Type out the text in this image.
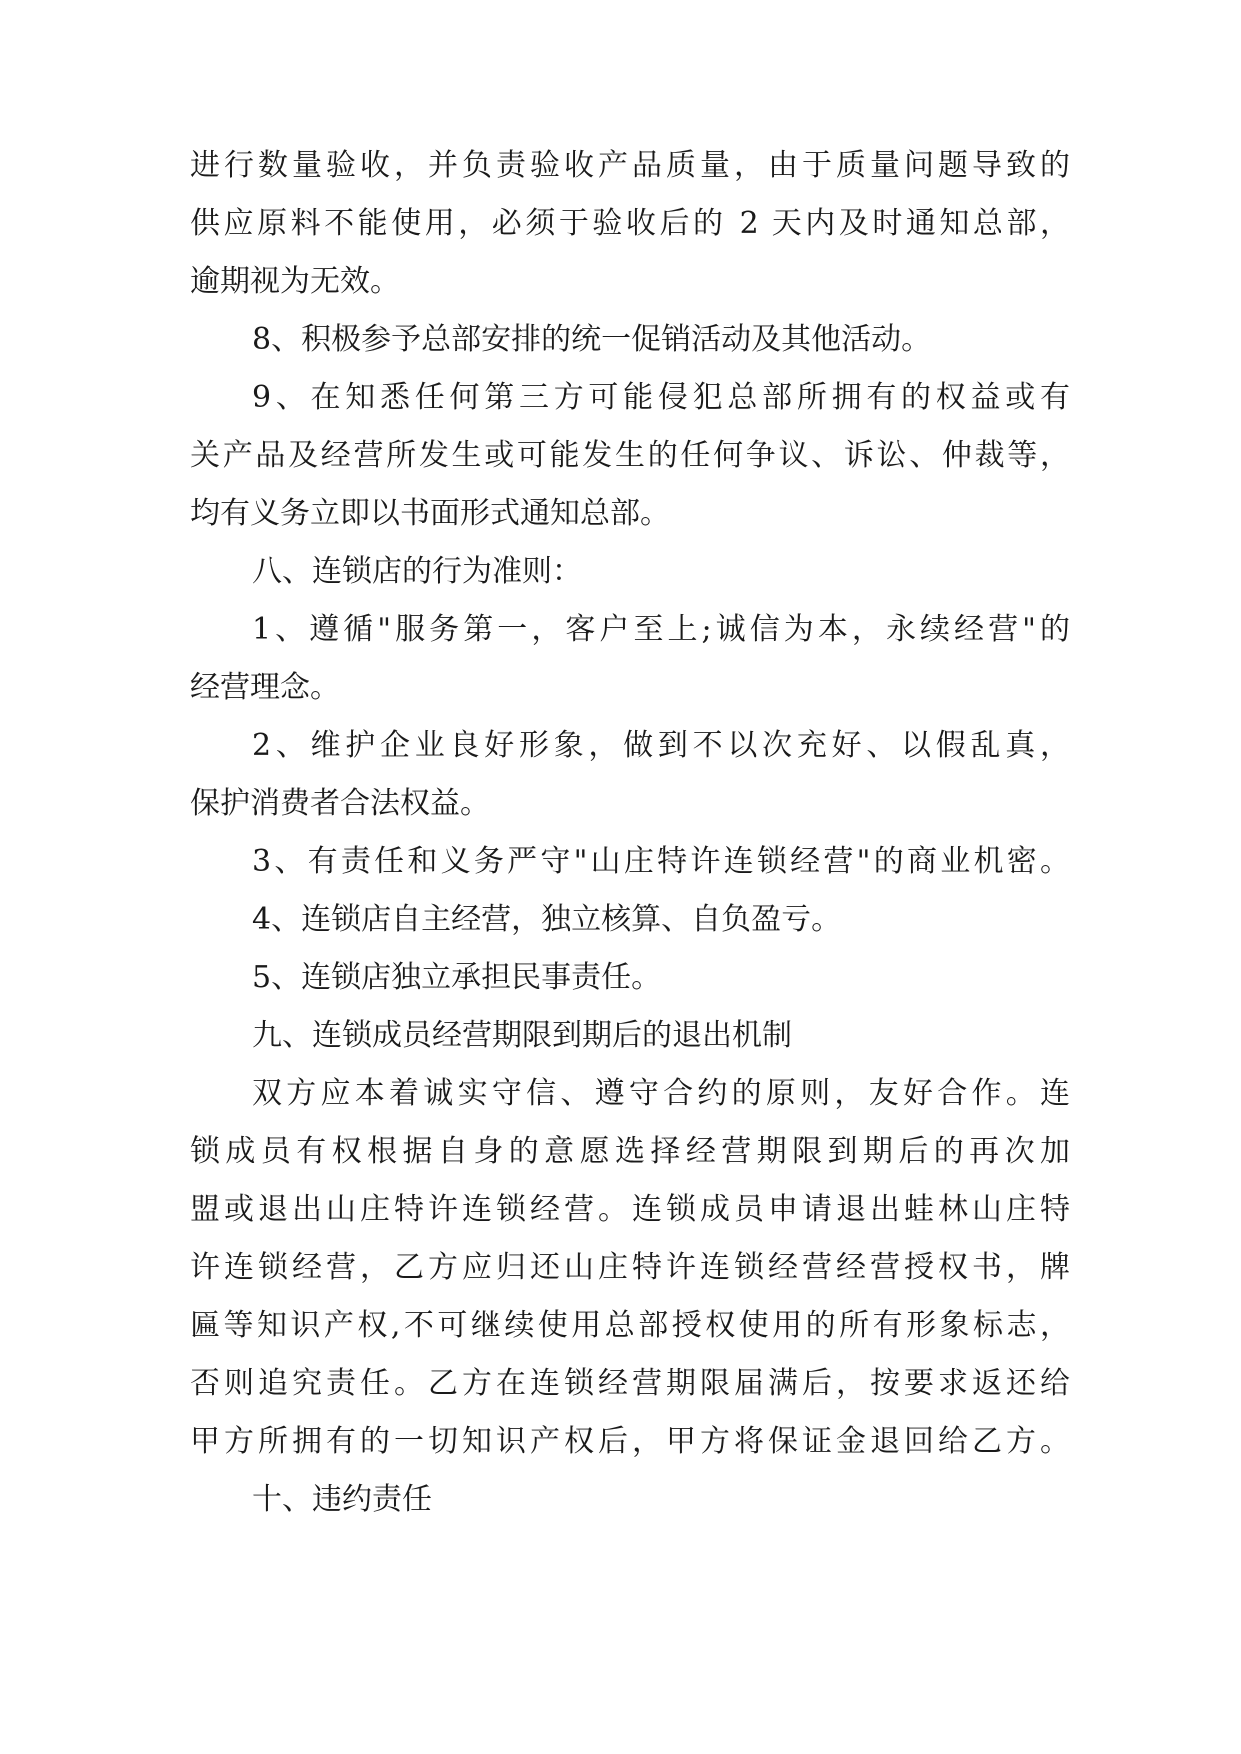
进行数量验收，并负责验收产品质量，由于质量问题导致的
供应原料不能使用，必须于验收后的 2 天内及时通知总部，
逾期视为无效。
8、积极参予总部安排的统一促销活动及其他活动。
9、在知悉任何第三方可能侵犯总部所拥有的权益或有
关产品及经营所发生或可能发生的任何争议、诉讼、仲裁等，
均有义务立即以书面形式通知总部。
八、连锁店的行为准则：
1、遵循"服务第一，客户至上;诚信为本，永续经营"的
经营理念。
2、维护企业良好形象，做到不以次充好、以假乱真，
保护消费者合法权益。
3、有责任和义务严守"山庄特许连锁经营"的商业机密。
4、连锁店自主经营，独立核算、自负盈亏。
5、连锁店独立承担民事责任。
九、连锁成员经营期限到期后的退出机制
双方应本着诚实守信、遵守合约的原则，友好合作。连
锁成员有权根据自身的意愿选择经营期限到期后的再次加
盟或退出山庄特许连锁经营。连锁成员申请退出蛙林山庄特
许连锁经营，乙方应归还山庄特许连锁经营经营授权书，牌
匾等知识产权,不可继续使用总部授权使用的所有形象标志，
否则追究责任。乙方在连锁经营期限届满后，按要求返还给
甲方所拥有的一切知识产权后，甲方将保证金退回给乙方。
十、违约责任
